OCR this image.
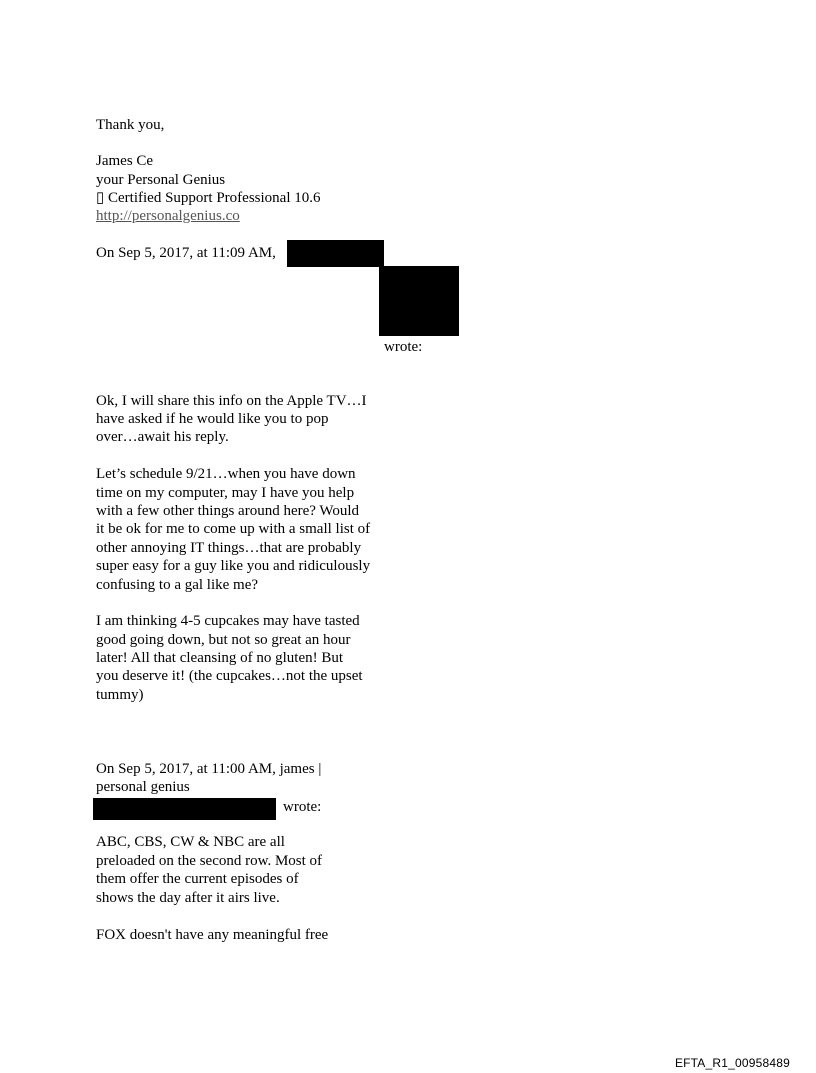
Thank you,
James Ce
your Personal Genius
▯ Certified Support Professional 10.6
http://personalgenius.co
On Sep 5, 2017, at 11:09 AM,
wrote:
Ok, I will share this info on the Apple TV…I
have asked if he would like you to pop
over…await his reply.
Let’s schedule 9/21…when you have down
time on my computer, may I have you help
with a few other things around here? Would
it be ok for me to come up with a small list of
other annoying IT things…that are probably
super easy for a guy like you and ridiculously
confusing to a gal like me?
I am thinking 4-5 cupcakes may have tasted
good going down, but not so great an hour
later! All that cleansing of no gluten! But
you deserve it! (the cupcakes…not the upset
tummy)
On Sep 5, 2017, at 11:00 AM, james |
personal genius
wrote:
ABC, CBS, CW & NBC are all
preloaded on the second row. Most of
them offer the current episodes of
shows the day after it airs live.
FOX doesn't have any meaningful free
EFTA_R1_00958489
